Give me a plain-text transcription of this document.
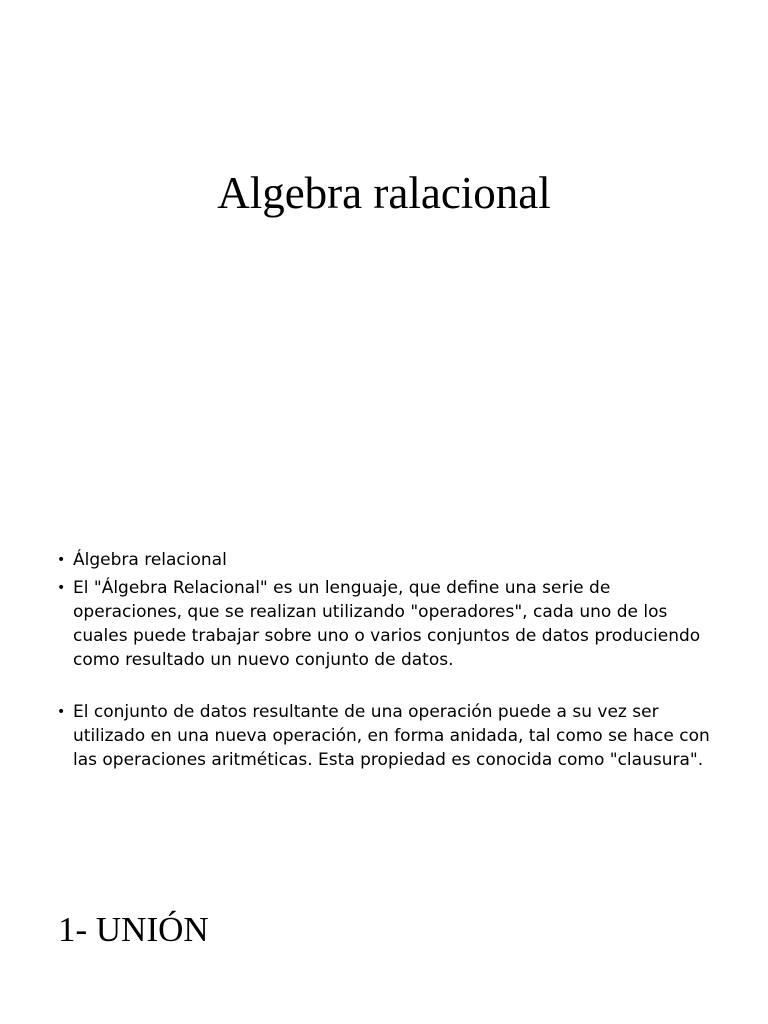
Algebra ralacional
• Álgebra relacional
• El "Álgebra Relacional" es un lenguaje, que define una serie de operaciones, que se realizan utilizando "operadores", cada uno de los cuales puede trabajar sobre uno o varios conjuntos de datos produciendo como resultado un nuevo conjunto de datos.
• El conjunto de datos resultante de una operación puede a su vez ser utilizado en una nueva operación, en forma anidada, tal como se hace con las operaciones aritméticas. Esta propiedad es conocida como "clausura".
1- UNIÓN
